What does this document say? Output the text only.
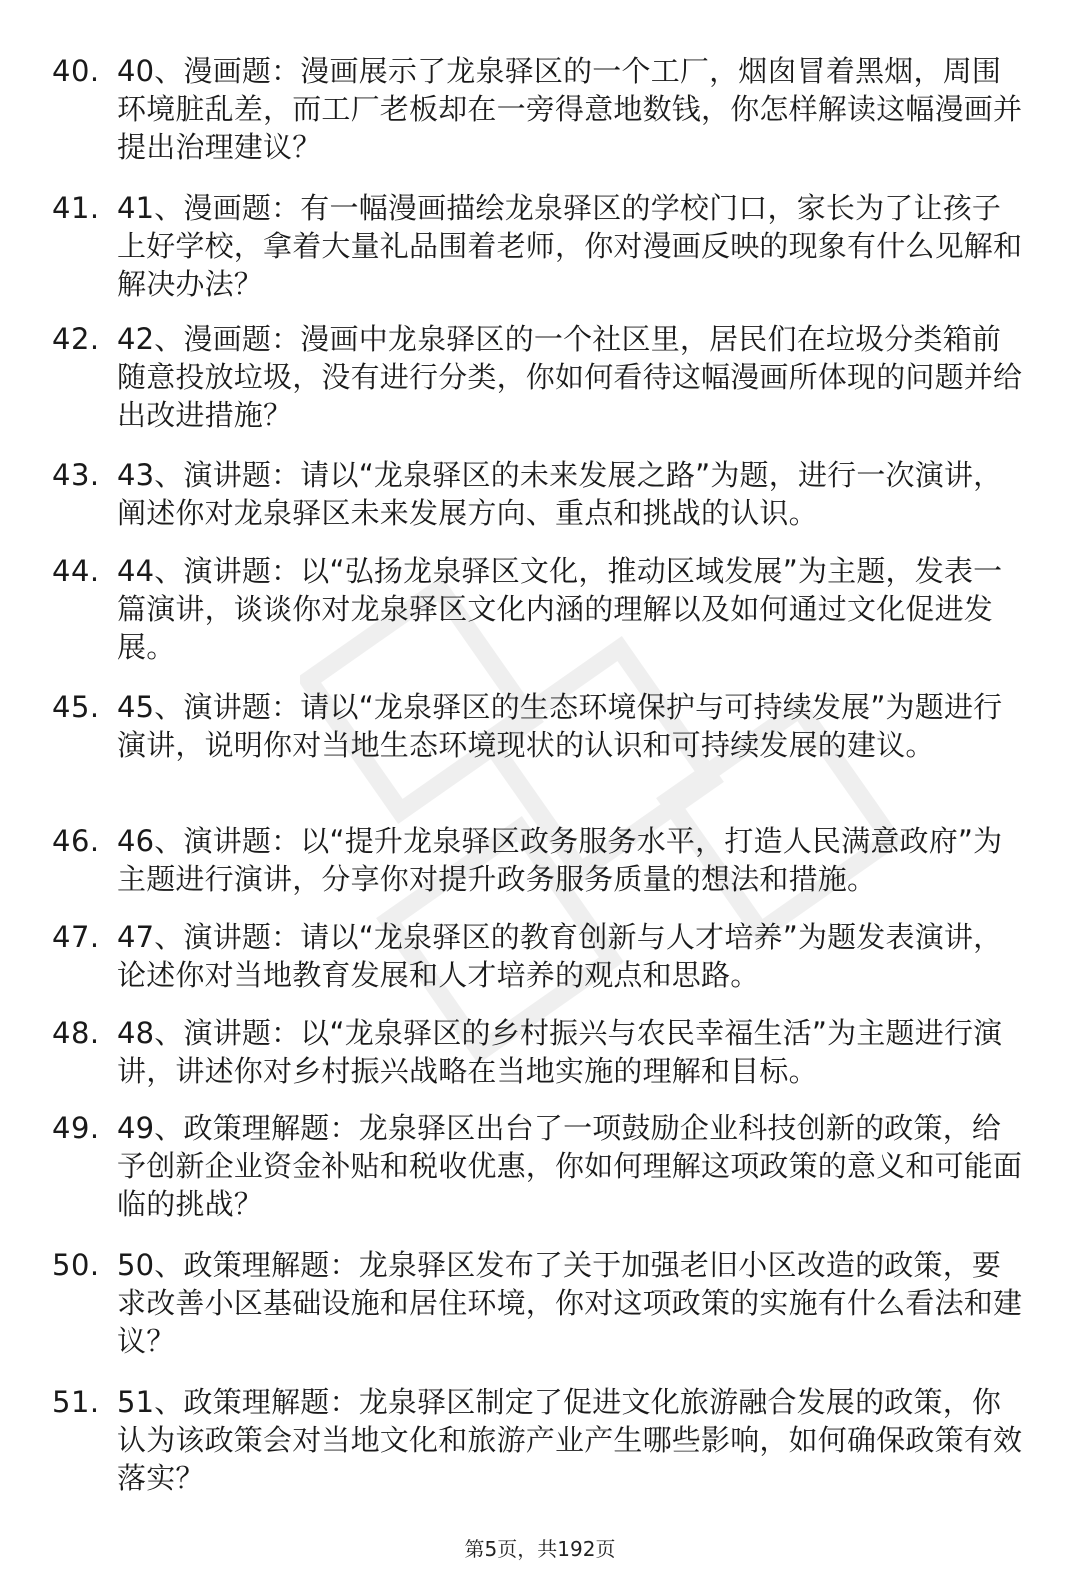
40. 40、漫画题：漫画展示了龙泉驿区的一个工厂，烟囱冒着黑烟，周围环境脏乱差，而工厂老板却在一旁得意地数钱，你怎样解读这幅漫画并提出治理建议？

41. 41、漫画题：有一幅漫画描绘龙泉驿区的学校门口，家长为了让孩子上好学校，拿着大量礼品围着老师，你对漫画反映的现象有什么见解和解决办法？

42. 42、漫画题：漫画中龙泉驿区的一个社区里，居民们在垃圾分类箱前随意投放垃圾，没有进行分类，你如何看待这幅漫画所体现的问题并给出改进措施？

43. 43、演讲题：请以“龙泉驿区的未来发展之路”为题，进行一次演讲，阐述你对龙泉驿区未来发展方向、重点和挑战的认识。

44. 44、演讲题：以“弘扬龙泉驿区文化，推动区域发展”为主题，发表一篇演讲，谈谈你对龙泉驿区文化内涵的理解以及如何通过文化促进发展。

45. 45、演讲题：请以“龙泉驿区的生态环境保护与可持续发展”为题进行演讲，说明你对当地生态环境现状的认识和可持续发展的建议。

46. 46、演讲题：以“提升龙泉驿区政务服务水平，打造人民满意政府”为主题进行演讲，分享你对提升政务服务质量的想法和措施。

47. 47、演讲题：请以“龙泉驿区的教育创新与人才培养”为题发表演讲，论述你对当地教育发展和人才培养的观点和思路。

48. 48、演讲题：以“龙泉驿区的乡村振兴与农民幸福生活”为主题进行演讲，讲述你对乡村振兴战略在当地实施的理解和目标。

49. 49、政策理解题：龙泉驿区出台了一项鼓励企业科技创新的政策，给予创新企业资金补贴和税收优惠，你如何理解这项政策的意义和可能面临的挑战？

50. 50、政策理解题：龙泉驿区发布了关于加强老旧小区改造的政策，要求改善小区基础设施和居住环境，你对这项政策的实施有什么看法和建议？

51. 51、政策理解题：龙泉驿区制定了促进文化旅游融合发展的政策，你认为该政策会对当地文化和旅游产业产生哪些影响，如何确保政策有效落实？

第5页，共192页
